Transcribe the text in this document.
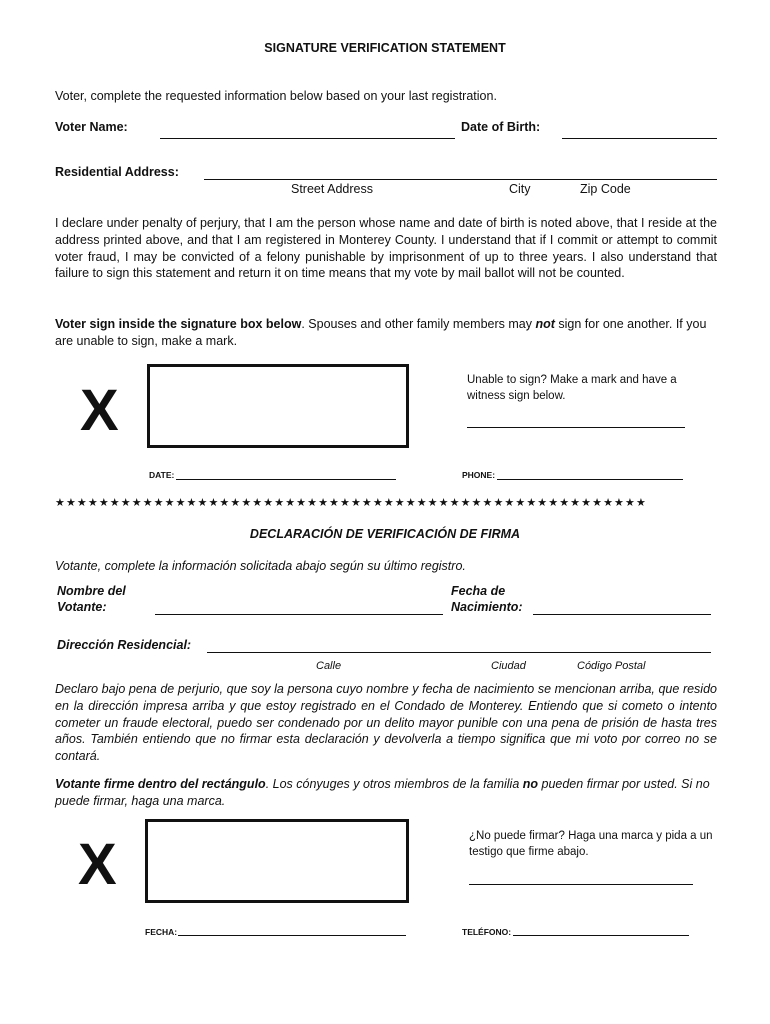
SIGNATURE VERIFICATION STATEMENT
Voter, complete the requested information below based on your last registration.
Voter Name:	Date of Birth:
Residential Address:
Street Address	City	Zip Code
I declare under penalty of perjury, that I am the person whose name and date of birth is noted above, that I reside at the address printed above, and that I am registered in Monterey County. I understand that if I commit or attempt to commit voter fraud, I may be convicted of a felony punishable by imprisonment of up to three years. I also understand that failure to sign this statement and return it on time means that my vote by mail ballot will not be counted.
Voter sign inside the signature box below. Spouses and other family members may not sign for one another. If you are unable to sign, make a mark.
X	Unable to sign? Make a mark and have a witness sign below.
DATE:	PHONE:
★★★★★★★★★★★★★★★★★★★★★★★★★★★★★★★★★★★★★★★★★★★★★★★★★★★★★★
DECLARACIÓN DE VERIFICACIÓN DE FIRMA
Votante, complete la información solicitada abajo según su último registro.
Nombre del
Votante:
Fecha de
Nacimiento:
Dirección Residencial:
Calle	Ciudad	Código Postal
Declaro bajo pena de perjurio, que soy la persona cuyo nombre y fecha de nacimiento se mencionan arriba, que resido en la dirección impresa arriba y que estoy registrado en el Condado de Monterey. Entiendo que si cometo o intento cometer un fraude electoral, puedo ser condenado por un delito mayor punible con una pena de prisión de hasta tres años. También entiendo que no firmar esta declaración y devolverla a tiempo significa que mi voto por correo no se contará.
Votante firme dentro del rectángulo. Los cónyuges y otros miembros de la familia no pueden firmar por usted. Si no puede firmar, haga una marca.
X	¿No puede firmar? Haga una marca y pida a un testigo que firme abajo.
FECHA:	TELÉFONO:
